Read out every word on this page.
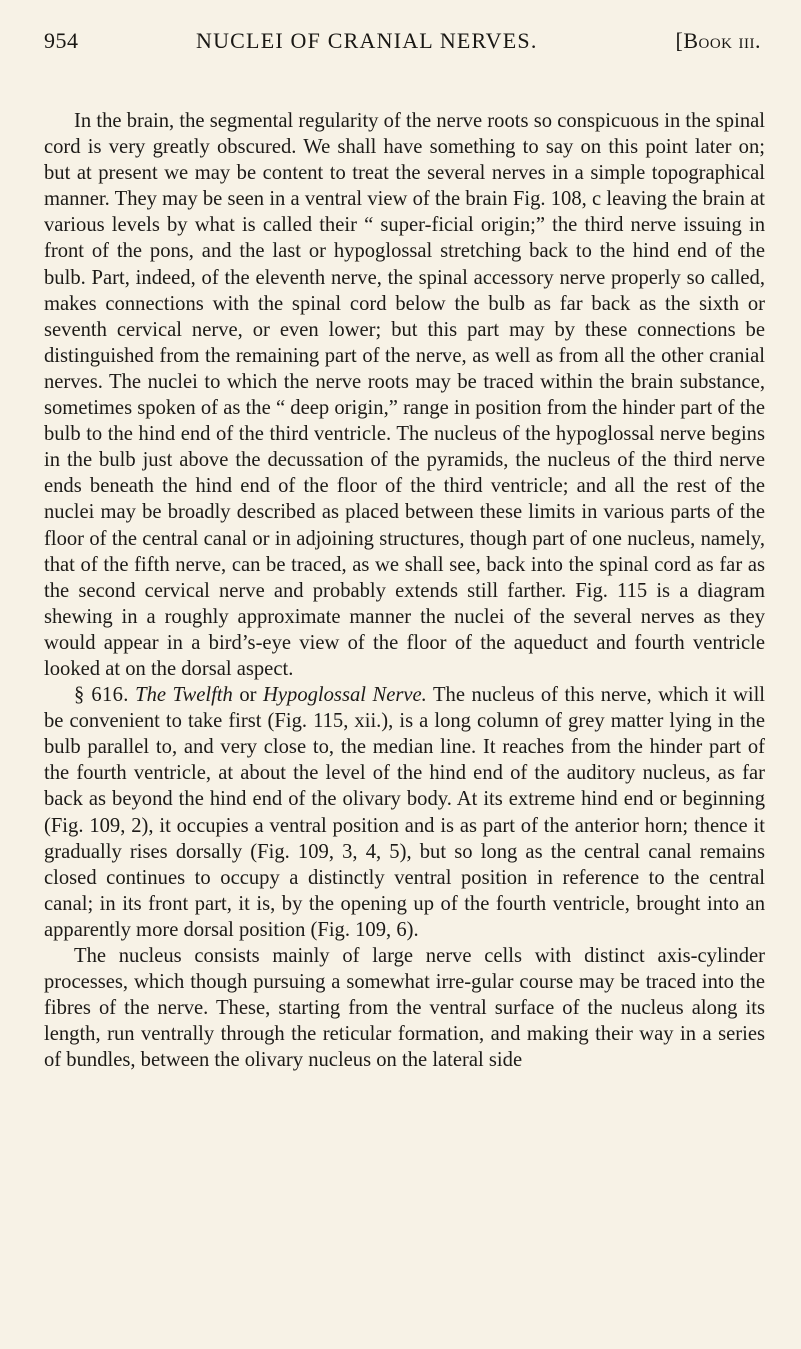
954	NUCLEI OF CRANIAL NERVES.	[Book iii.

In the brain, the segmental regularity of the nerve roots so conspicuous in the spinal cord is very greatly obscured. We shall have something to say on this point later on; but at present we may be content to treat the several nerves in a simple topographical manner. They may be seen in a ventral view of the brain Fig. 108, c leaving the brain at various levels by what is called their “ super-ficial origin;” the third nerve issuing in front of the pons, and the last or hypoglossal stretching back to the hind end of the bulb. Part, indeed, of the eleventh nerve, the spinal accessory nerve properly so called, makes connections with the spinal cord below the bulb as far back as the sixth or seventh cervical nerve, or even lower; but this part may by these connections be distinguished from the remaining part of the nerve, as well as from all the other cranial nerves. The nuclei to which the nerve roots may be traced within the brain substance, sometimes spoken of as the “ deep origin,” range in position from the hinder part of the bulb to the hind end of the third ventricle. The nucleus of the hypoglossal nerve begins in the bulb just above the decussation of the pyramids, the nucleus of the third nerve ends beneath the hind end of the floor of the third ventricle; and all the rest of the nuclei may be broadly described as placed between these limits in various parts of the floor of the central canal or in adjoining structures, though part of one nucleus, namely, that of the fifth nerve, can be traced, as we shall see, back into the spinal cord as far as the second cervical nerve and probably extends still farther. Fig. 115 is a diagram shewing in a roughly approximate manner the nuclei of the several nerves as they would appear in a bird’s-eye view of the floor of the aqueduct and fourth ventricle looked at on the dorsal aspect.

§ 616. The Twelfth or Hypoglossal Nerve. The nucleus of this nerve, which it will be convenient to take first (Fig. 115, xii.), is a long column of grey matter lying in the bulb parallel to, and very close to, the median line. It reaches from the hinder part of the fourth ventricle, at about the level of the hind end of the auditory nucleus, as far back as beyond the hind end of the olivary body. At its extreme hind end or beginning (Fig. 109, 2), it occupies a ventral position and is as part of the anterior horn; thence it gradually rises dorsally (Fig. 109, 3, 4, 5), but so long as the central canal remains closed continues to occupy a distinctly ventral position in reference to the central canal; in its front part, it is, by the opening up of the fourth ventricle, brought into an apparently more dorsal position (Fig. 109, 6).

The nucleus consists mainly of large nerve cells with distinct axis-cylinder processes, which though pursuing a somewhat irre-gular course may be traced into the fibres of the nerve. These, starting from the ventral surface of the nucleus along its length, run ventrally through the reticular formation, and making their way in a series of bundles, between the olivary nucleus on the lateral side
